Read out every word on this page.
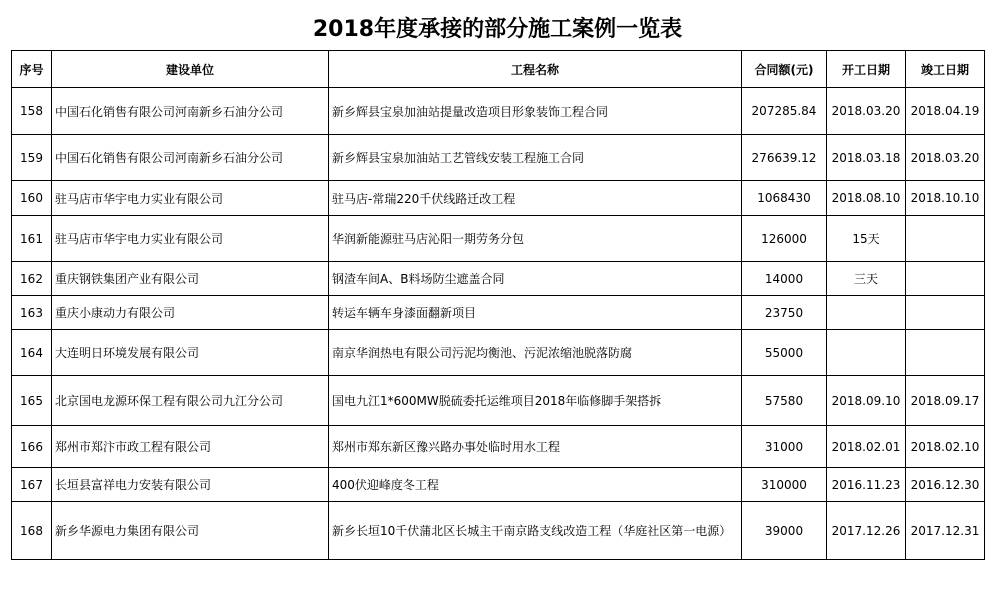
2018年度承接的部分施工案例一览表
序号	建设单位	工程名称	合同额(元)	开工日期	竣工日期
158	中国石化销售有限公司河南新乡石油分公司	新乡辉县宝泉加油站提量改造项目形象装饰工程合同	207285.84	2018.03.20	2018.04.19
159	中国石化销售有限公司河南新乡石油分公司	新乡辉县宝泉加油站工艺管线安装工程施工合同	276639.12	2018.03.18	2018.03.20
160	驻马店市华宇电力实业有限公司	驻马店-常瑞220千伏线路迁改工程	1068430	2018.08.10	2018.10.10
161	驻马店市华宇电力实业有限公司	华润新能源驻马店沁阳一期劳务分包	126000	15天	
162	重庆钢铁集团产业有限公司	钢渣车间A、B料场防尘遮盖合同	14000	三天	
163	重庆小康动力有限公司	转运车辆车身漆面翻新项目	23750		
164	大连明日环境发展有限公司	南京华润热电有限公司污泥均衡池、污泥浓缩池脱落防腐	55000		
165	北京国电龙源环保工程有限公司九江分公司	国电九江1*600MW脱硫委托运维项目2018年临修脚手架搭拆	57580	2018.09.10	2018.09.17
166	郑州市郑汴市政工程有限公司	郑州市郑东新区豫兴路办事处临时用水工程	31000	2018.02.01	2018.02.10
167	长垣县富祥电力安装有限公司	400伏迎峰度冬工程	310000	2016.11.23	2016.12.30
168	新乡华源电力集团有限公司	新乡长垣10千伏蒲北区长城主干南京路支线改造工程（华庭社区第一电源）	39000	2017.12.26	2017.12.31
